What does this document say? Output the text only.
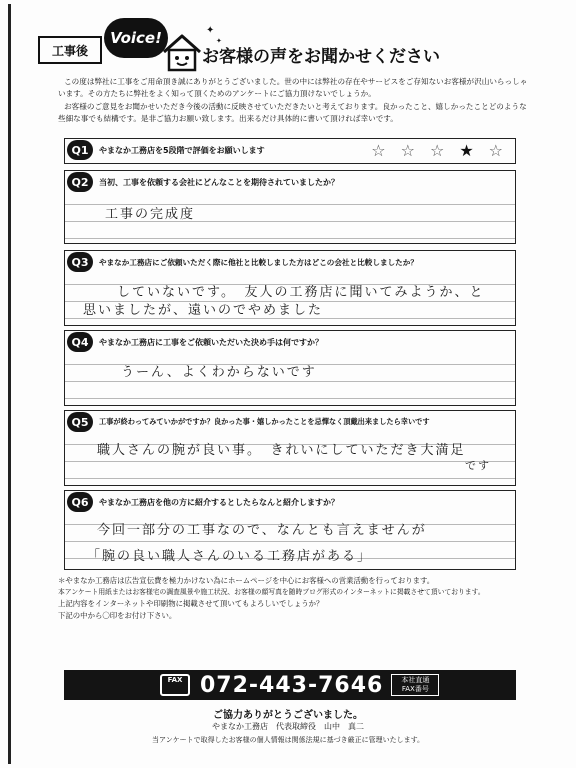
工事後
Voice!	✦
✦
お客様の声をお聞かせください

この度は弊社に工事をご用命頂き誠にありがとうございました。世の中には弊社の存在やサービスをご存知ないお客様が沢山いらっしゃいます。その方たちに弊社をよく知って頂くためのアンケートにご協力頂けないでしょうか。

お客様のご意見をお聞かせいただき今後の活動に反映させていただきたいと考えております。良かったこと、嬉しかったことどのような些細な事でも結構です。是非ご協力お願い致します。出来るだけ具体的に書いて頂ければ幸いです。

Q1	やまなか工務店を5段階で評価をお願いします	☆ ☆ ☆ ★ ☆
Q2	当初、工事を依頼する会社にどんなことを期待されていましたか？
工事の完成度
Q3	やまなか工務店にご依頼いただく際に他社と比較しました方はどこの会社と比較しましたか？
していないです。　友人の工務店に聞いてみようか、と
思いましたが、遠いのでやめました
Q4	やまなか工務店に工事をご依頼いただいた決め手は何ですか？
うーん、よくわからないです
Q5	工事が終わってみていかがですか？良かった事・嬉しかったことを忌憚なく頂戴出来ましたら幸いです
職人さんの腕が良い事。　きれいにしていただき大満足
です
Q6	やまなか工務店を他の方に紹介するとしたらなんと紹介しますか？
今回一部分の工事なので、なんとも言えませんが
「腕の良い職人さんのいる工務店がある」
＊やまなか工務店は広告宣伝費を極力かけない為にホームページを中心にお客様への営業活動を行っております。
本アンケート用紙またはお客様宅の調査風景や施工状況、お客様の顔写真を随時ブログ形式のインターネットに掲載させて頂いております。
上記内容をインターネットや印刷物に掲載させて頂いてもよろしいでしょうか？
下記の中から〇印をお付け下さい。
FAX 072-443-7646	本社直通
FAX番号
ご協力ありがとうございました。
やまなか工務店　代表取締役　山中　真二
当アンケートで取得したお客様の個人情報は関係法規に基づき厳正に管理いたします。
